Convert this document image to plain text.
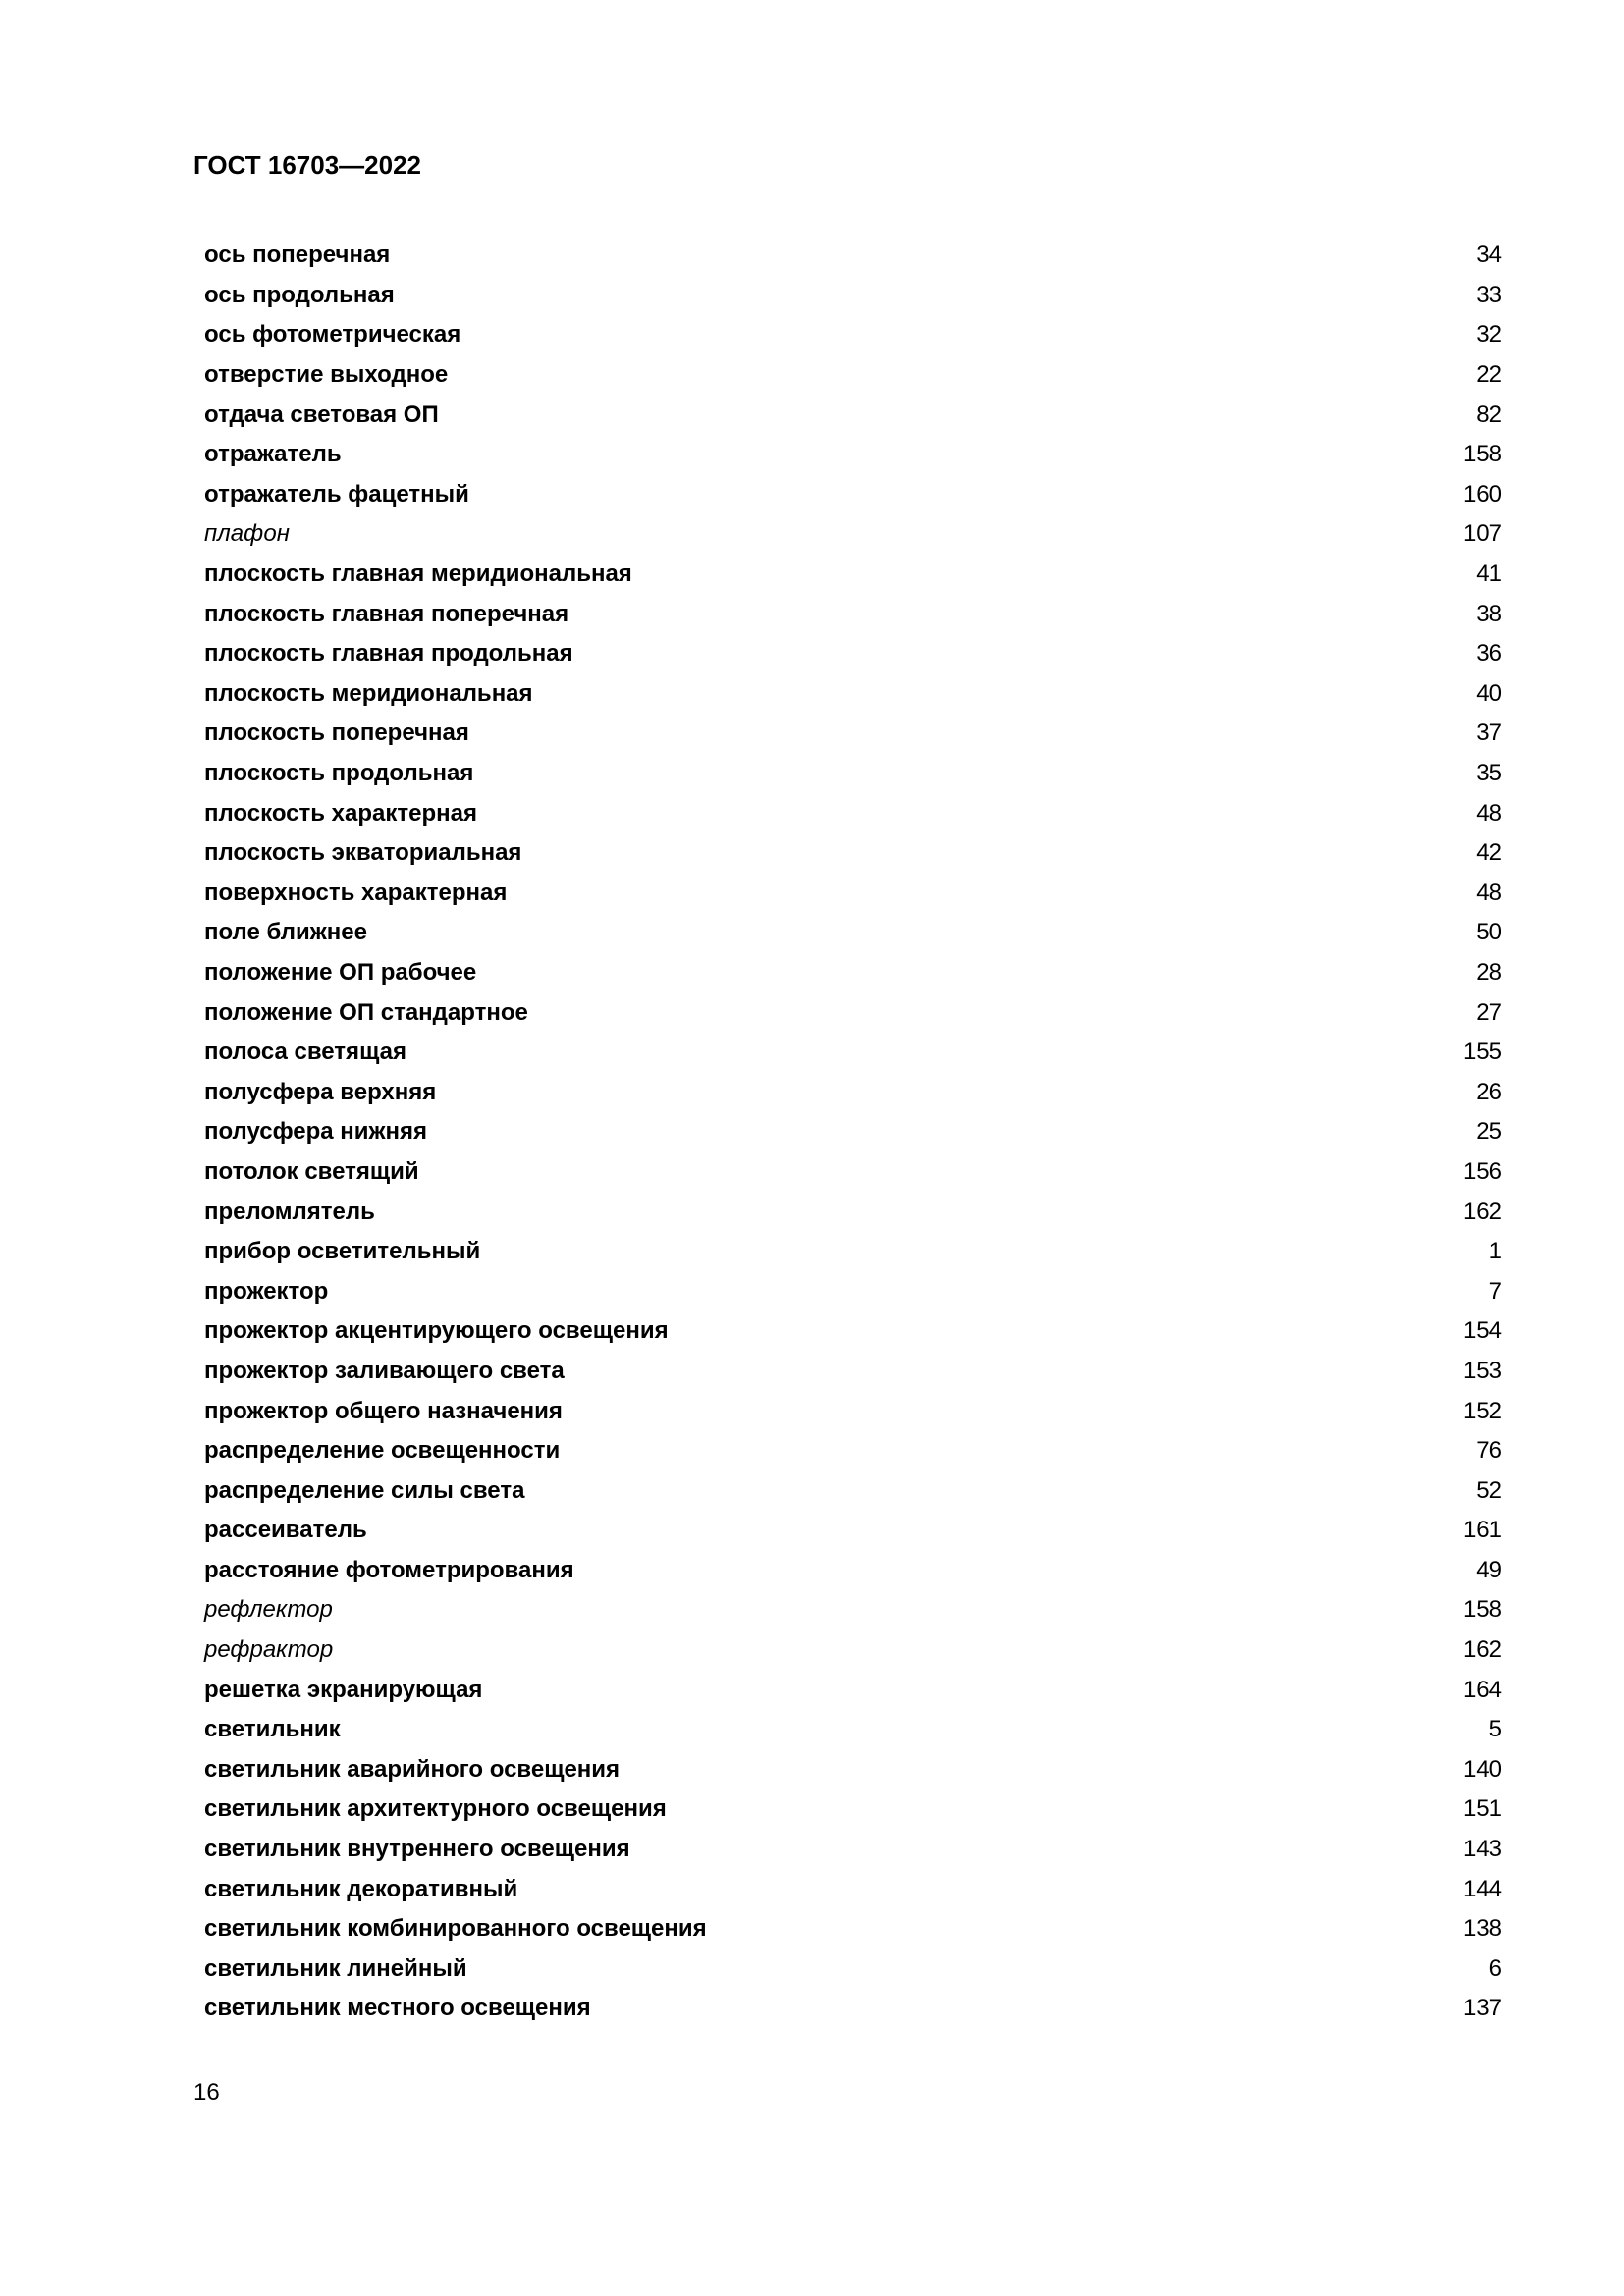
ГОСТ 16703—2022
ось поперечная	34
ось продольная	33
ось фотометрическая	32
отверстие выходное	22
отдача световая ОП	82
отражатель	158
отражатель фацетный	160
плафон	107
плоскость главная меридиональная	41
плоскость главная поперечная	38
плоскость главная продольная	36
плоскость меридиональная	40
плоскость поперечная	37
плоскость продольная	35
плоскость характерная	48
плоскость экваториальная	42
поверхность характерная	48
поле ближнее	50
положение ОП рабочее	28
положение ОП стандартное	27
полоса светящая	155
полусфера верхняя	26
полусфера нижняя	25
потолок светящий	156
преломлятель	162
прибор осветительный	1
прожектор	7
прожектор акцентирующего освещения	154
прожектор заливающего света	153
прожектор общего назначения	152
распределение освещенности	76
распределение силы света	52
рассеиватель	161
расстояние фотометрирования	49
рефлектор	158
рефрактор	162
решетка экранирующая	164
светильник	5
светильник аварийного освещения	140
светильник архитектурного освещения	151
светильник внутреннего освещения	143
светильник декоративный	144
светильник комбинированного освещения	138
светильник линейный	6
светильник местного освещения	137
16
